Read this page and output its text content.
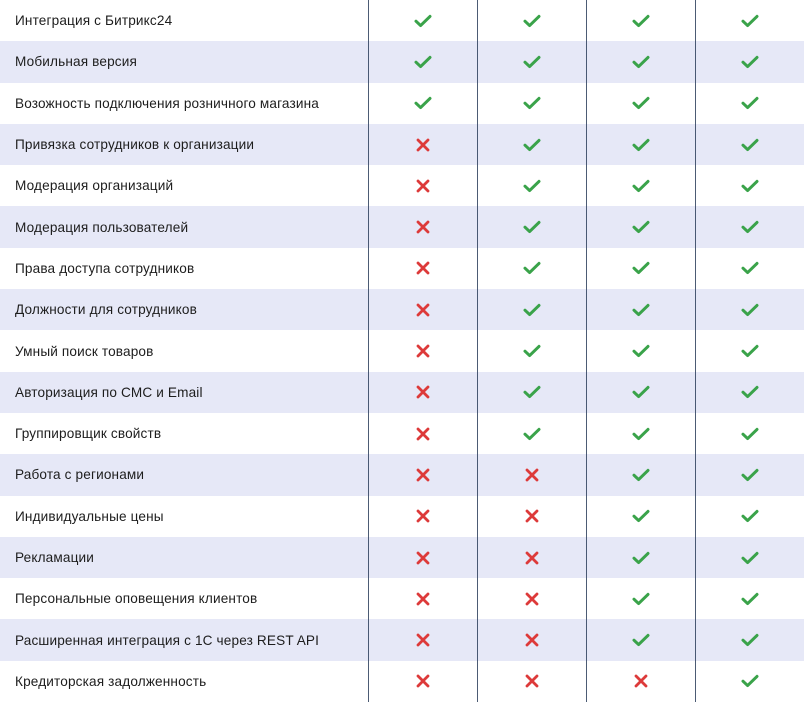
Интеграция с Битрикс24
Мобильная версия
Возожность подключения розничного магазина
Привязка сотрудников к организации
Модерация организаций
Модерация пользователей
Права доступа сотрудников
Должности для сотрудников
Умный поиск товаров
Авторизация по СМС и Email
Группировщик свойств
Работа с регионами
Индивидуальные цены
Рекламации
Персональные оповещения клиентов
Расширенная интеграция с 1С через REST API
Кредиторская задолженность
